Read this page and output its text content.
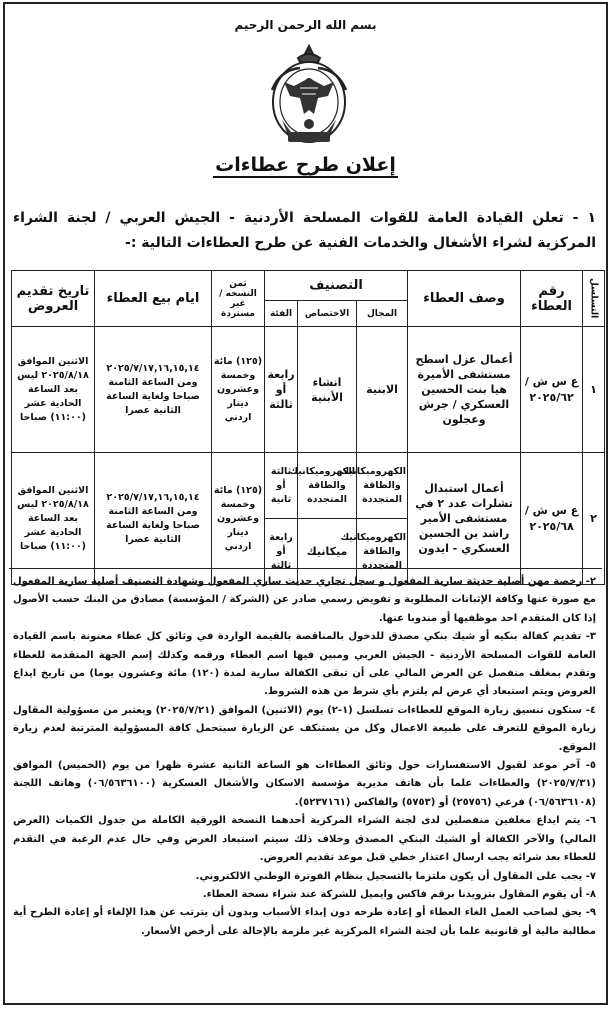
بسم الله الرحمن الرحيم
إعلان طرح عطاءات
١ - تعلن القيادة العامة للقوات المسلحة الأردنية - الجيش العربي / لجنة الشراء المركزية لشراء الأشغال والخدمات الفنية عن طرح العطاءات التالية :-
التسلسل	رقم العطاء	وصف العطاء	التصنيف			ثمن النسخه /غير مستردة	ايام بيع العطاء	تاريخ تقديم العروض
			المجال	الاختصاص	الفئة			
١	ع س ش / ٢٠٢٥/٦٢	أعمال عزل اسطح مستشفى الأميرة هيا بنت الحسين العسكري / جرش وعجلون	الابنية	انشاء الأبنية	رابعة أو ثالثة	(١٢٥) مائة وخمسة وعشرون دينار اردني	٢٠٢٥/٧/١٧,١٦,١٥,١٤ ومن الساعة الثامنة صباحا ولغاية الساعة الثانية عصرا	الاثنين الموافق ٢٠٢٥/٨/١٨ ليس بعد الساعة الحادية عشر (١١:٠٠) صباحا
٢	ع س ش / ٢٠٢٥/٦٨	أعمال استبدال تشلرات عدد ٢ في مستشفى الأمير راشد بن الحسين العسكري - ايدون	الكهروميكانيك والطاقة المتجددة	الكهروميكانيك والطاقة المتجددة	ثالثة أو ثانية	(١٢٥) مائة وخمسة وعشرون دينار اردني	٢٠٢٥/٧/١٧,١٦,١٥,١٤ ومن الساعة الثامنة صباحا ولغاية الساعة الثانية عصرا	الاثنين الموافق ٢٠٢٥/٨/١٨ ليس بعد الساعة الحادية عشر (١١:٠٠) صباحا
			الكهروميكانيك والطاقة المتجددة	ميكانيك	رابعة أو ثالثة			

٢- رخصة مهن أصلية حديثة سارية المفعول و سجل تجاري حديث ساري المفعول وشهادة التصنيف أصلية سارية المفعول مع صورة عنها وكافة الإثباتات المطلوبة و تفويض رسمي صادر عن (الشركة / المؤسسة) مصادق من البنك حسب الأصول إذا كان المتقدم احد موظفيها أو مندوبا عنها.

٣- تقديم كفالة بنكيه أو شيك بنكي مصدق للدخول بالمناقصة بالقيمة الواردة في وثائق كل عطاء معنونة باسم القيادة العامة للقوات المسلحة الأردنية - الجيش العربي ومبين فيها اسم العطاء ورقمه وكذلك إسم الجهة المتقدمة للعطاء وتقدم بمغلف منفصل عن العرض المالي على أن تبقى الكفالة سارية لمدة (١٢٠) مائة وعشرون يوما) من تاريخ ايداع العروض ويتم استبعاد أي عرض لم يلتزم بأي شرط من هذه الشروط.

٤- ستكون تنسيق زيارة الموقع للعطاءات تسلسل (١-٢) يوم (الاثنين) الموافق (٢٠٢٥/٧/٢١) ويعتبر من مسؤولية المقاول زيارة الموقع للتعرف على طبيعة الاعمال وكل من يستنكف عن الزيارة سيتحمل كافة المسؤولية المترتبة لعدم زيارة الموقع.

٥- آخر موعد لقبول الاستفسارات حول وثائق العطاءات هو الساعة الثانية عشرة ظهرا من يوم (الخميس) الموافق (٢٠٢٥/٧/٣١) والعطاءات علما بأن هاتف مديرية مؤسسة الاسكان والأشغال العسكرية (٠٦/٥٦٣٦١٠٠) وهاتف اللجنة (٠٦/٥٦٣٦١٠٨) فرعي (٢٥٧٥٦) أو (٥٧٥٣) والفاكس (٥٢٣٧١٦١).

٦- يتم ايداع مغلفين منفصلين لدى لجنة الشراء المركزية أحدهما النسخة الورقية الكاملة من جدول الكميات (العرض المالي) والآخر الكفالة أو الشيك البنكي المصدق وخلاف ذلك سيتم استبعاد العرض وفي حال عدم الرغبة في التقدم للعطاء بعد شرائه يجب ارسال اعتذار خطي قبل موعد تقديم العروض.

٧- يجب على المقاول أن يكون ملتزما بالتسجيل بنظام الفوترة الوطني الالكتروني.

٨- أن يقوم المقاول بتزويدنا برقم فاكس وايميل للشركة عند شراء نسخة العطاء.

٩- يحق لصاحب العمل الغاء العطاء أو إعادة طرحه دون إبداء الأسباب وبدون أن يترتب عن هذا الإلغاء أو إعادة الطرح أية مطالبة مالية أو قانونية علما بأن لجنة الشراء المركزية غير ملزمة بالإحالة على أرخص الأسعار.
